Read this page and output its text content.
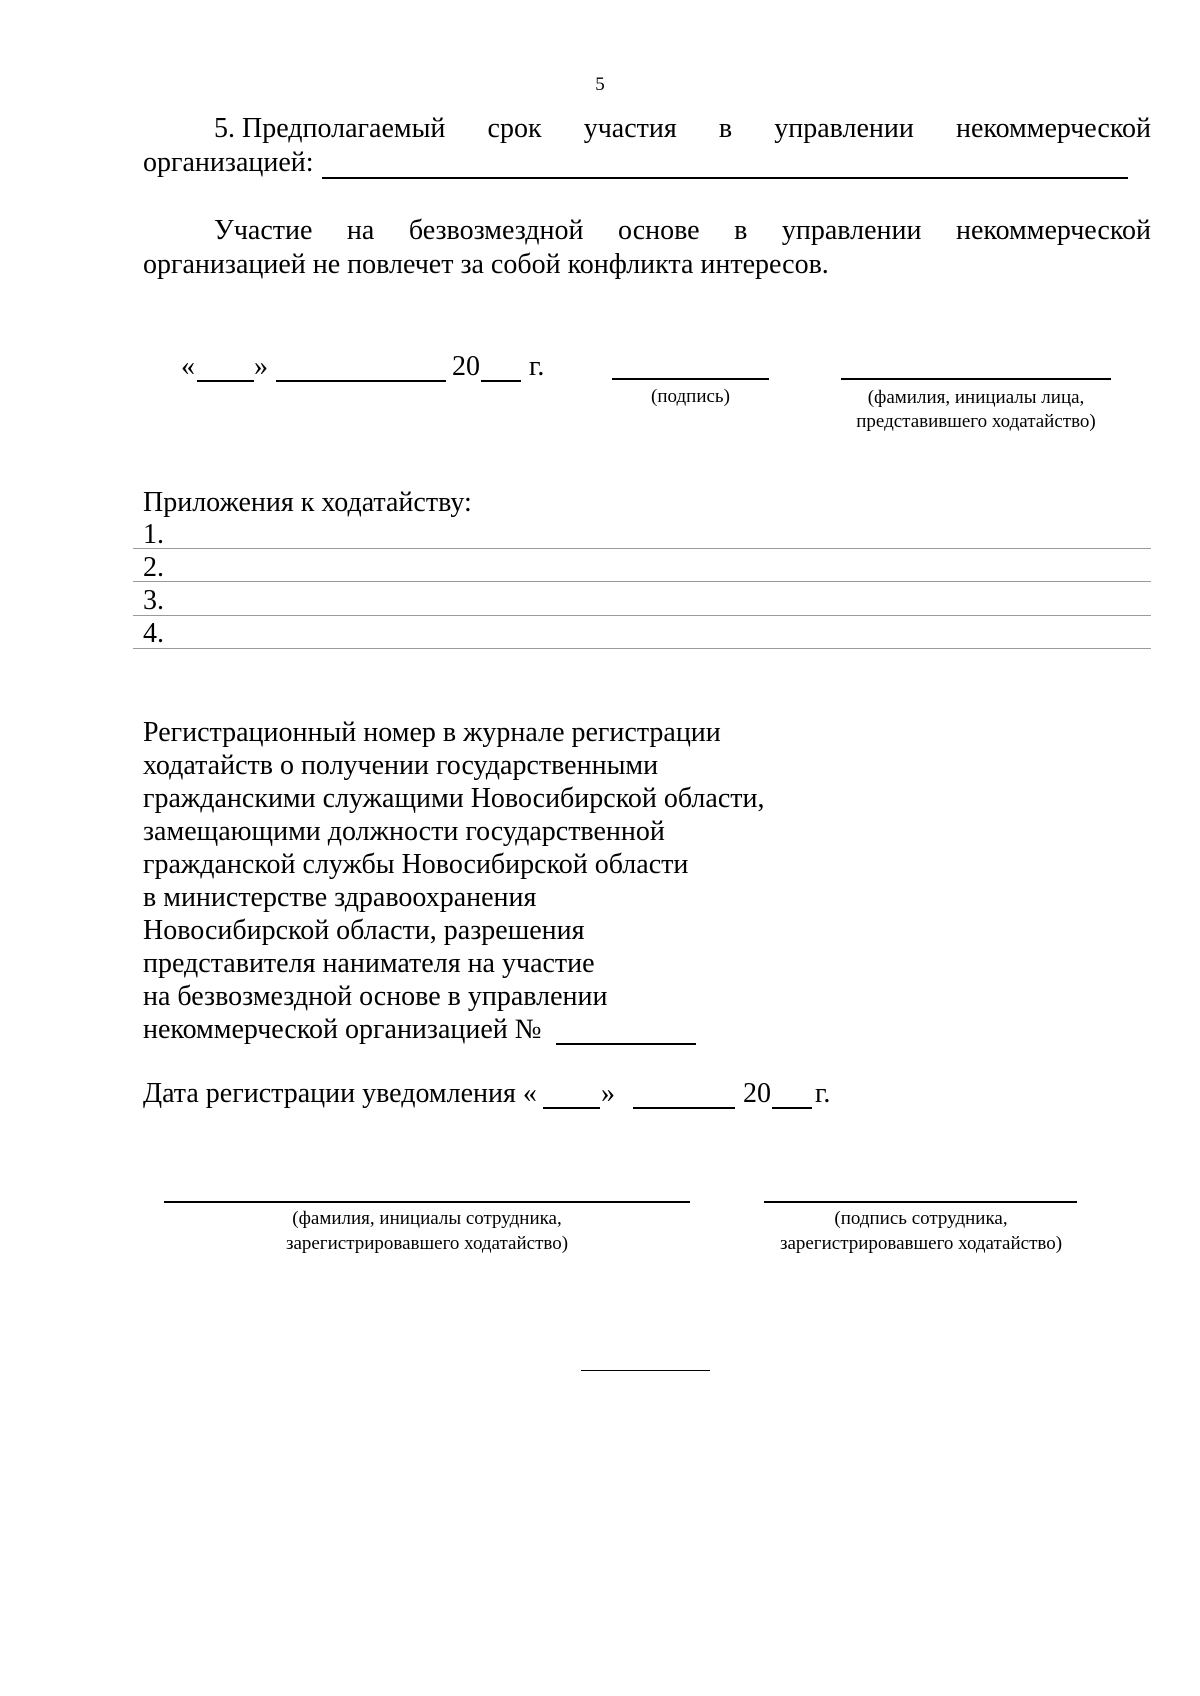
5
5. Предполагаемый срок участия в управлении некоммерческой
организацией:
Участие на безвозмездной основе в управлении некоммерческой
организацией не повлечет за собой конфликта интересов.
« »	20 г.
(подпись)	(фамилия, инициалы лица,
представившего ходатайство)
Приложения к ходатайству:
1.
2.
3.
4.
Регистрационный номер в журнале регистрации
ходатайств о получении государственными
гражданскими служащими Новосибирской области,
замещающими должности государственной
гражданской службы Новосибирской области
в министерстве здравоохранения
Новосибирской области, разрешения
представителя нанимателя на участие
на безвозмездной основе в управлении
некоммерческой организацией №
Дата регистрации уведомления « »	20 г.
(фамилия, инициалы сотрудника,
зарегистрировавшего ходатайство)
(подпись сотрудника,
зарегистрировавшего ходатайство)
